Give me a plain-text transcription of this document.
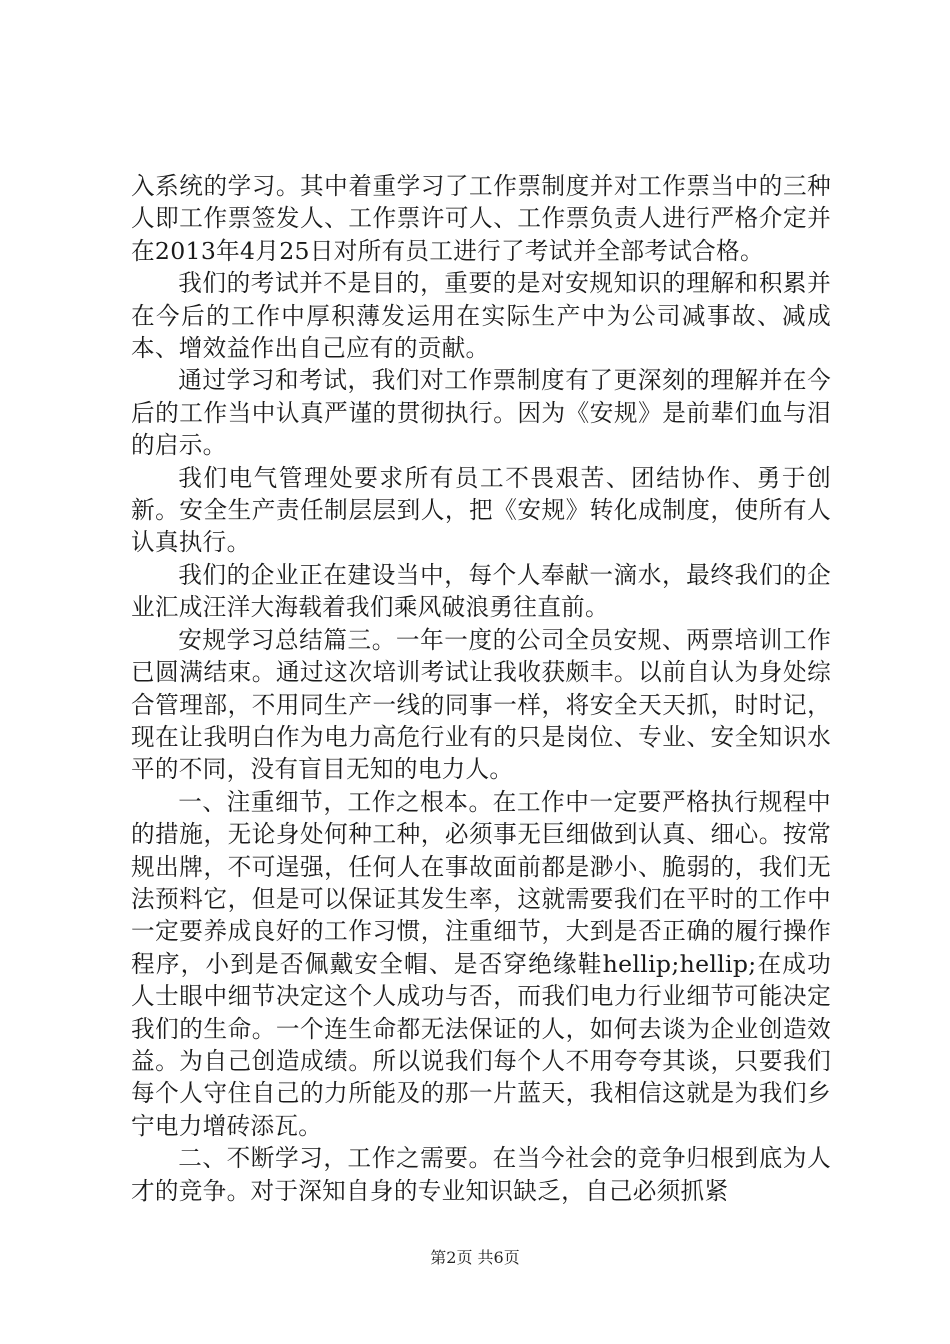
入系统的学习。其中着重学习了工作票制度并对工作票当中的三种人即工作票签发人、工作票许可人、工作票负责人进行严格介定并在2013年4月25日对所有员工进行了考试并全部考试合格。

我们的考试并不是目的，重要的是对安规知识的理解和积累并在今后的工作中厚积薄发运用在实际生产中为公司减事故、减成本、增效益作出自己应有的贡献。

通过学习和考试，我们对工作票制度有了更深刻的理解并在今后的工作当中认真严谨的贯彻执行。因为《安规》是前辈们血与泪的启示。

我们电气管理处要求所有员工不畏艰苦、团结协作、勇于创新。安全生产责任制层层到人，把《安规》转化成制度，使所有人认真执行。

我们的企业正在建设当中，每个人奉献一滴水，最终我们的企业汇成汪洋大海载着我们乘风破浪勇往直前。

安规学习总结篇三。一年一度的公司全员安规、两票培训工作已圆满结束。通过这次培训考试让我收获颇丰。以前自认为身处综合管理部，不用同生产一线的同事一样，将安全天天抓，时时记，现在让我明白作为电力高危行业有的只是岗位、专业、安全知识水平的不同，没有盲目无知的电力人。

一、注重细节，工作之根本。在工作中一定要严格执行规程中的措施，无论身处何种工种，必须事无巨细做到认真、细心。按常规出牌，不可逞强，任何人在事故面前都是渺小、脆弱的，我们无法预料它，但是可以保证其发生率，这就需要我们在平时的工作中一定要养成良好的工作习惯，注重细节，大到是否正确的履行操作程序，小到是否佩戴安全帽、是否穿绝缘鞋hellip;hellip;在成功人士眼中细节决定这个人成功与否，而我们电力行业细节可能决定我们的生命。一个连生命都无法保证的人，如何去谈为企业创造效益。为自己创造成绩。所以说我们每个人不用夸夸其谈，只要我们每个人守住自己的力所能及的那一片蓝天，我相信这就是为我们乡宁电力增砖添瓦。

二、不断学习，工作之需要。在当今社会的竞争归根到底为人才的竞争。对于深知自身的专业知识缺乏，自己必须抓紧

第2页 共6页
